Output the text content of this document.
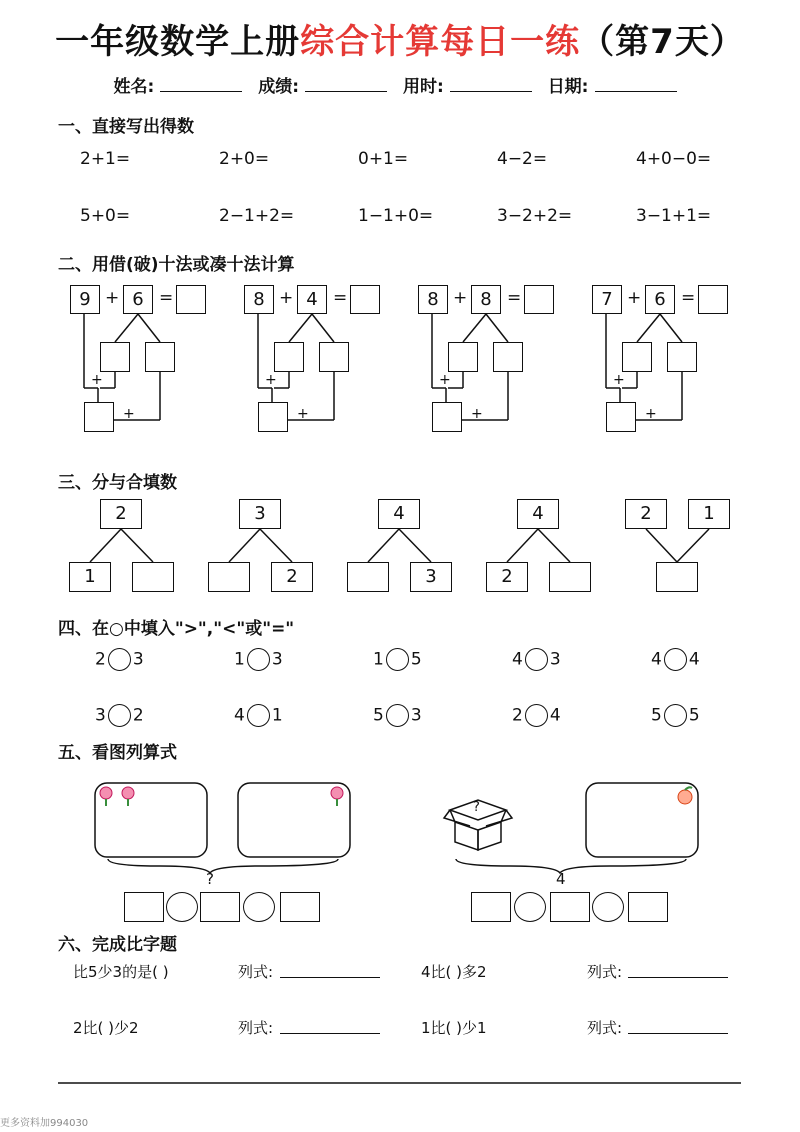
一年级数学上册综合计算每日一练（第7天）
姓名:	成绩:	用时:	日期:
一、直接写出得数
2+1=	2+0=	0+1=	4−2=	4+0−0=
5+0=	2−1+2=	1−1+0=	3−2+2=	3−1+1=
二、用借(破)十法或凑十法计算
9 + 6 =
+
+
8 + 4 =
+
+
8 + 8 =
+
+
7 + 6 =
+
+
三、分与合填数
2
1
3
2
4
3
4
2
2	1
四、在○中填入">","<"或"="
2 3	1 3	1 5	4 3	4 4
3 2	4 1	5 3	2 4	5 5
五、看图列算式
?
?	4
六、完成比字题
比5少3的是( )	列式:	4比( )多2	列式:
2比( )少2	列式:	1比( )少1	列式:
更多资料加994030
